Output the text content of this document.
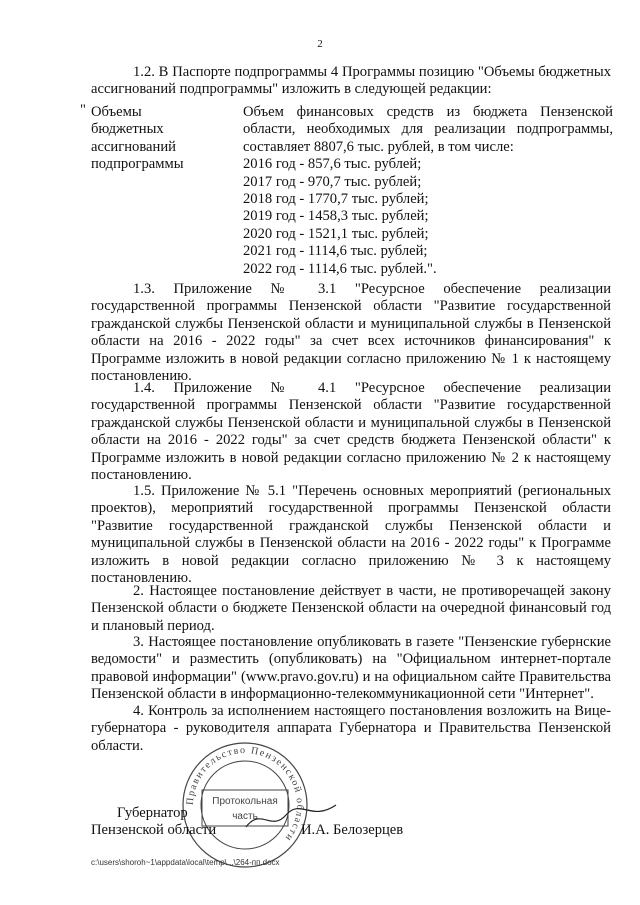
2

1.2. В Паспорте подпрограммы 4 Программы позицию "Объемы бюджетных ассигнований подпрограммы" изложить в следующей редакции:

" Объемы
бюджетных
ассигнований
подпрограммы
Объем финансовых средств из бюджета Пензенской области, необходимых для реализации подпрограммы, составляет 8807,6 тыс. рублей, в том числе:
2016 год - 857,6 тыс. рублей;
2017 год - 970,7 тыс. рублей;
2018 год - 1770,7 тыс. рублей;
2019 год - 1458,3 тыс. рублей;
2020 год - 1521,1 тыс. рублей;
2021 год - 1114,6 тыс. рублей;
2022 год - 1114,6 тыс. рублей.".

1.3. Приложение № 3.1 "Ресурсное обеспечение реализации государственной программы Пензенской области "Развитие государственной гражданской службы Пензенской области и муниципальной службы в Пензенской области на 2016 - 2022 годы" за счет всех источников финансирования" к Программе изложить в новой редакции согласно приложению № 1 к настоящему постановлению.

1.4. Приложение № 4.1 "Ресурсное обеспечение реализации государственной программы Пензенской области "Развитие государственной гражданской службы Пензенской области и муниципальной службы в Пензенской области на 2016 - 2022 годы" за счет средств бюджета Пензенской области" к Программе изложить в новой редакции согласно приложению № 2 к настоящему постановлению.

1.5. Приложение № 5.1 "Перечень основных мероприятий (региональных проектов), мероприятий государственной программы Пензенской области "Развитие государственной гражданской службы Пензенской области и муниципальной службы в Пензенской области на 2016 - 2022 годы" к Программе изложить в новой редакции согласно приложению № 3 к настоящему постановлению.

2. Настоящее постановление действует в части, не противоречащей закону Пензенской области о бюджете Пензенской области на очередной финансовый год и плановый период.

3. Настоящее постановление опубликовать в газете "Пензенские губернские ведомости" и разместить (опубликовать) на "Официальном интернет-портале правовой информации" (www.pravo.gov.ru) и на официальном сайте Правительства Пензенской области в информационно-телекоммуникационной сети "Интернет".

4. Контроль за исполнением настоящего постановления возложить на Вице-губернатора - руководителя аппарата Губернатора и Правительства Пензенской области.

Правительство Пензенской области
Протокольная
часть
Губернатор
Пензенской области	И.А. Белозерцев
c:\users\shoroh~1\appdata\local\temp\...\264-пп.docx
